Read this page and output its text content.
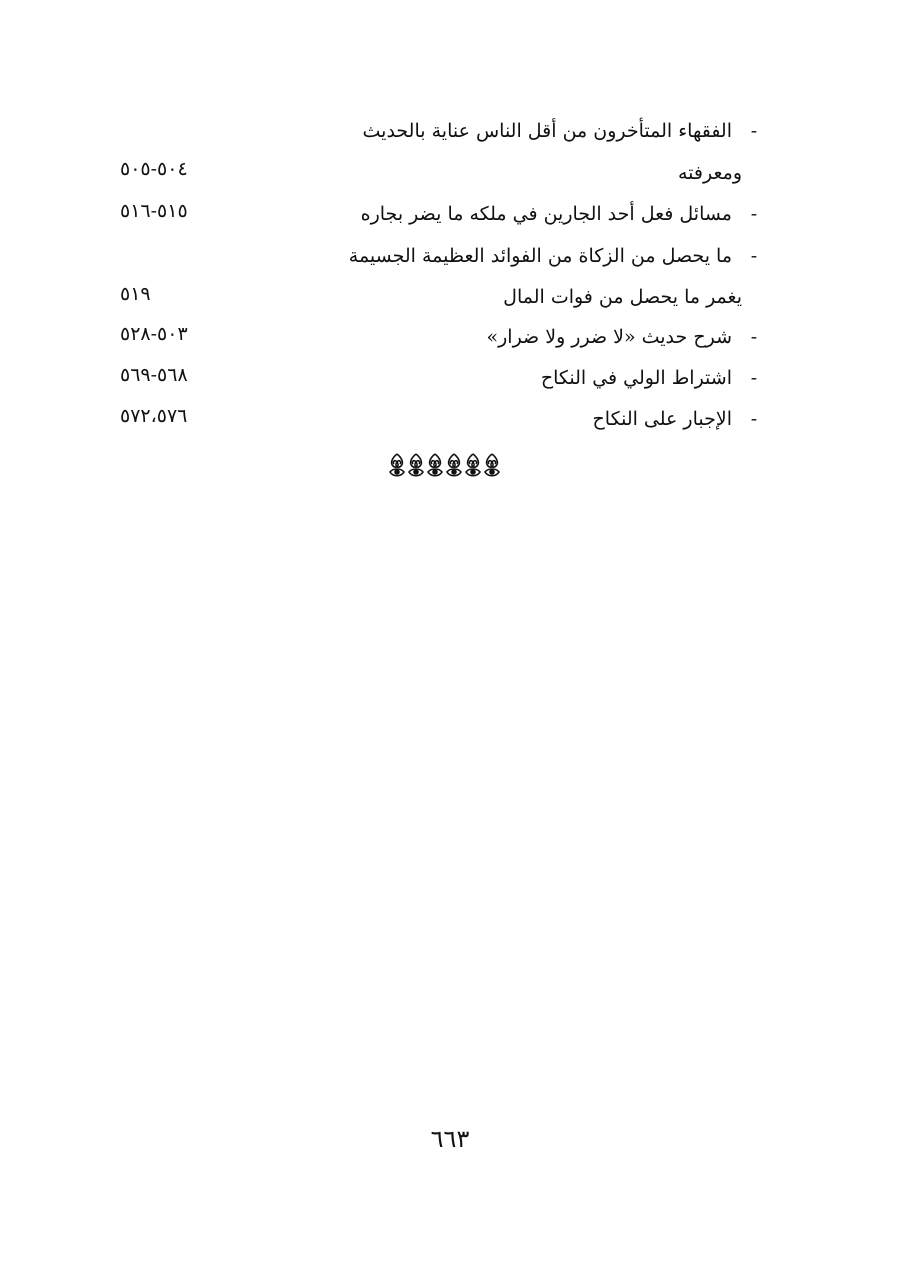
-
الفقهاء المتأخرون من أقل الناس عناية بالحديث
ومعرفته
٥٠٤-٥٠٥
-
مسائل فعل أحد الجارين في ملكه ما يضر بجاره
٥١٥-٥١٦
-
ما يحصل من الزكاة من الفوائد العظيمة الجسيمة
يغمر ما يحصل من فوات المال
٥١٩
-
شرح حديث «لا ضرر ولا ضرار»
٥٠٣-٥٢٨
-
اشتراط الولي في النكاح
٥٦٨-٥٦٩
-
الإجبار على النكاح
٥٧٢،٥٧٦
٦٦٣
